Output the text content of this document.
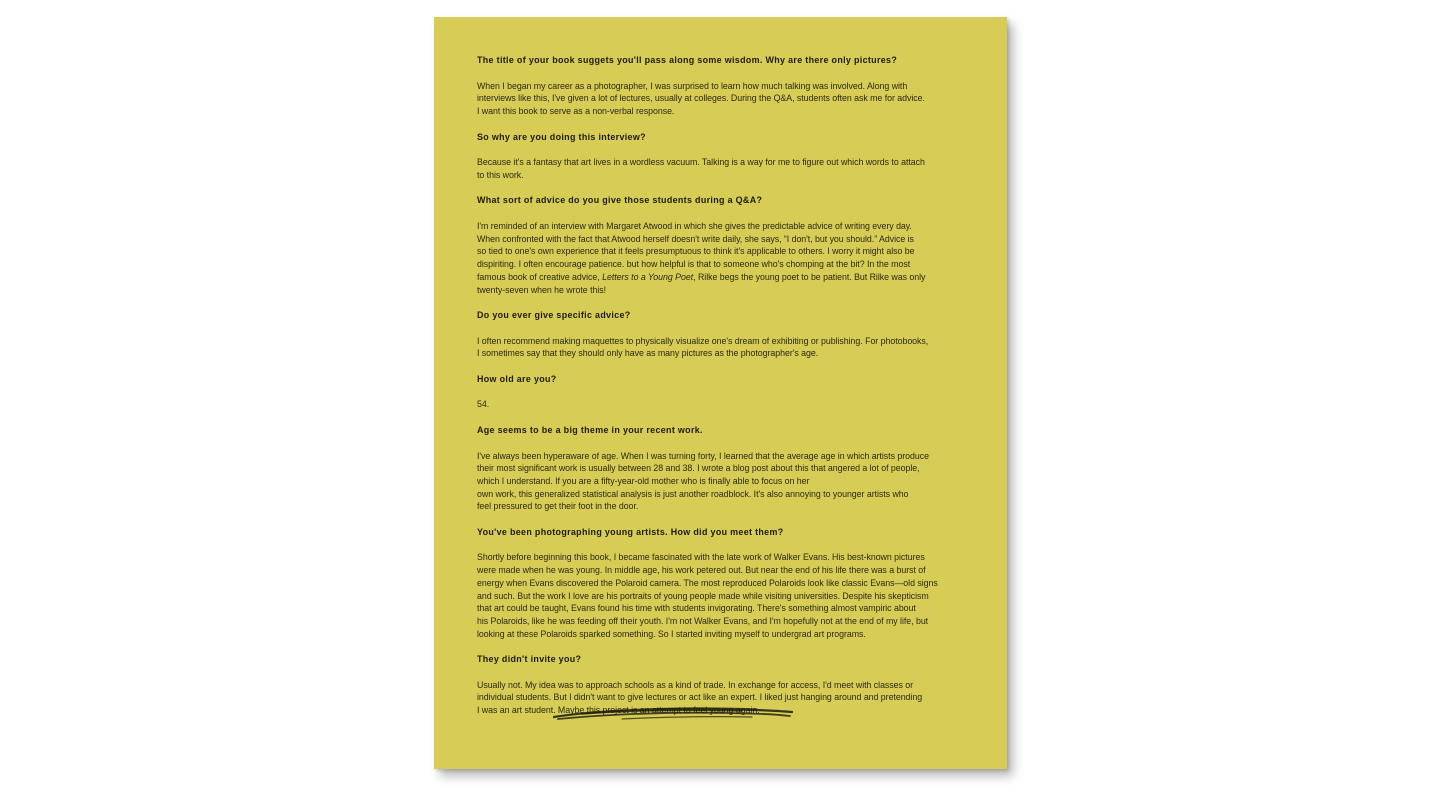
The title of your book suggets you'll pass along some wisdom. Why are there only pictures?
When I began my career as a photographer, I was surprised to learn how much talking was involved. Along with
interviews like this, I've given a lot of lectures, usually at colleges. During the Q&A, students often ask me for advice.
I want this book to serve as a non-verbal response.
So why are you doing this interview?
Because it's a fantasy that art lives in a wordless vacuum. Talking is a way for me to figure out which words to attach
to this work.
What sort of advice do you give those students during a Q&A?
I'm reminded of an interview with Margaret Atwood in which she gives the predictable advice of writing every day.
When confronted with the fact that Atwood herself doesn't write daily, she says, “I don't, but you should.” Advice is
so tied to one's own experience that it feels presumptuous to think it's applicable to others. I worry it might also be
dispiriting. I often encourage patience. but how helpful is that to someone who's chomping at the bit? In the most
famous book of creative advice, Letters to a Young Poet, Rilke begs the young poet to be patient. But Rilke was only
twenty-seven when he wrote this!
Do you ever give specific advice?
I often recommend making maquettes to physically visualize one's dream of exhibiting or publishing. For photobooks,
I sometimes say that they should only have as many pictures as the photographer's age.
How old are you?
54.
Age seems to be a big theme in your recent work.
I've always been hyperaware of age. When I was turning forty, I learned that the average age in which artists produce
their most significant work is usually between 28 and 38. I wrote a blog post about this that angered a lot of people,
which I understand. If you are a fifty-year-old mother who is finally able to focus on her
own work, this generalized statistical analysis is just another roadblock. It's also annoying to younger artists who
feel pressured to get their foot in the door.
You've been photographing young artists. How did you meet them?
Shortly before beginning this book, I became fascinated with the late work of Walker Evans. His best-known pictures
were made when he was young. In middle age, his work petered out. But near the end of his life there was a burst of
energy when Evans discovered the Polaroid camera. The most reproduced Polaroids look like classic Evans—old signs
and such. But the work I love are his portraits of young people made while visiting universities. Despite his skepticism
that art could be taught, Evans found his time with students invigorating. There's something almost vampiric about
his Polaroids, like he was feeding off their youth. I'm not Walker Evans, and I'm hopefully not at the end of my life, but
looking at these Polaroids sparked something. So I started inviting myself to undergrad art programs.
They didn't invite you?
Usually not. My idea was to approach schools as a kind of trade. In exchange for access, I'd meet with classes or
individual students. But I didn't want to give lectures or act like an expert. I liked just hanging around and pretending
I was an art student. Maybe this project is an attempt to feel young again.
